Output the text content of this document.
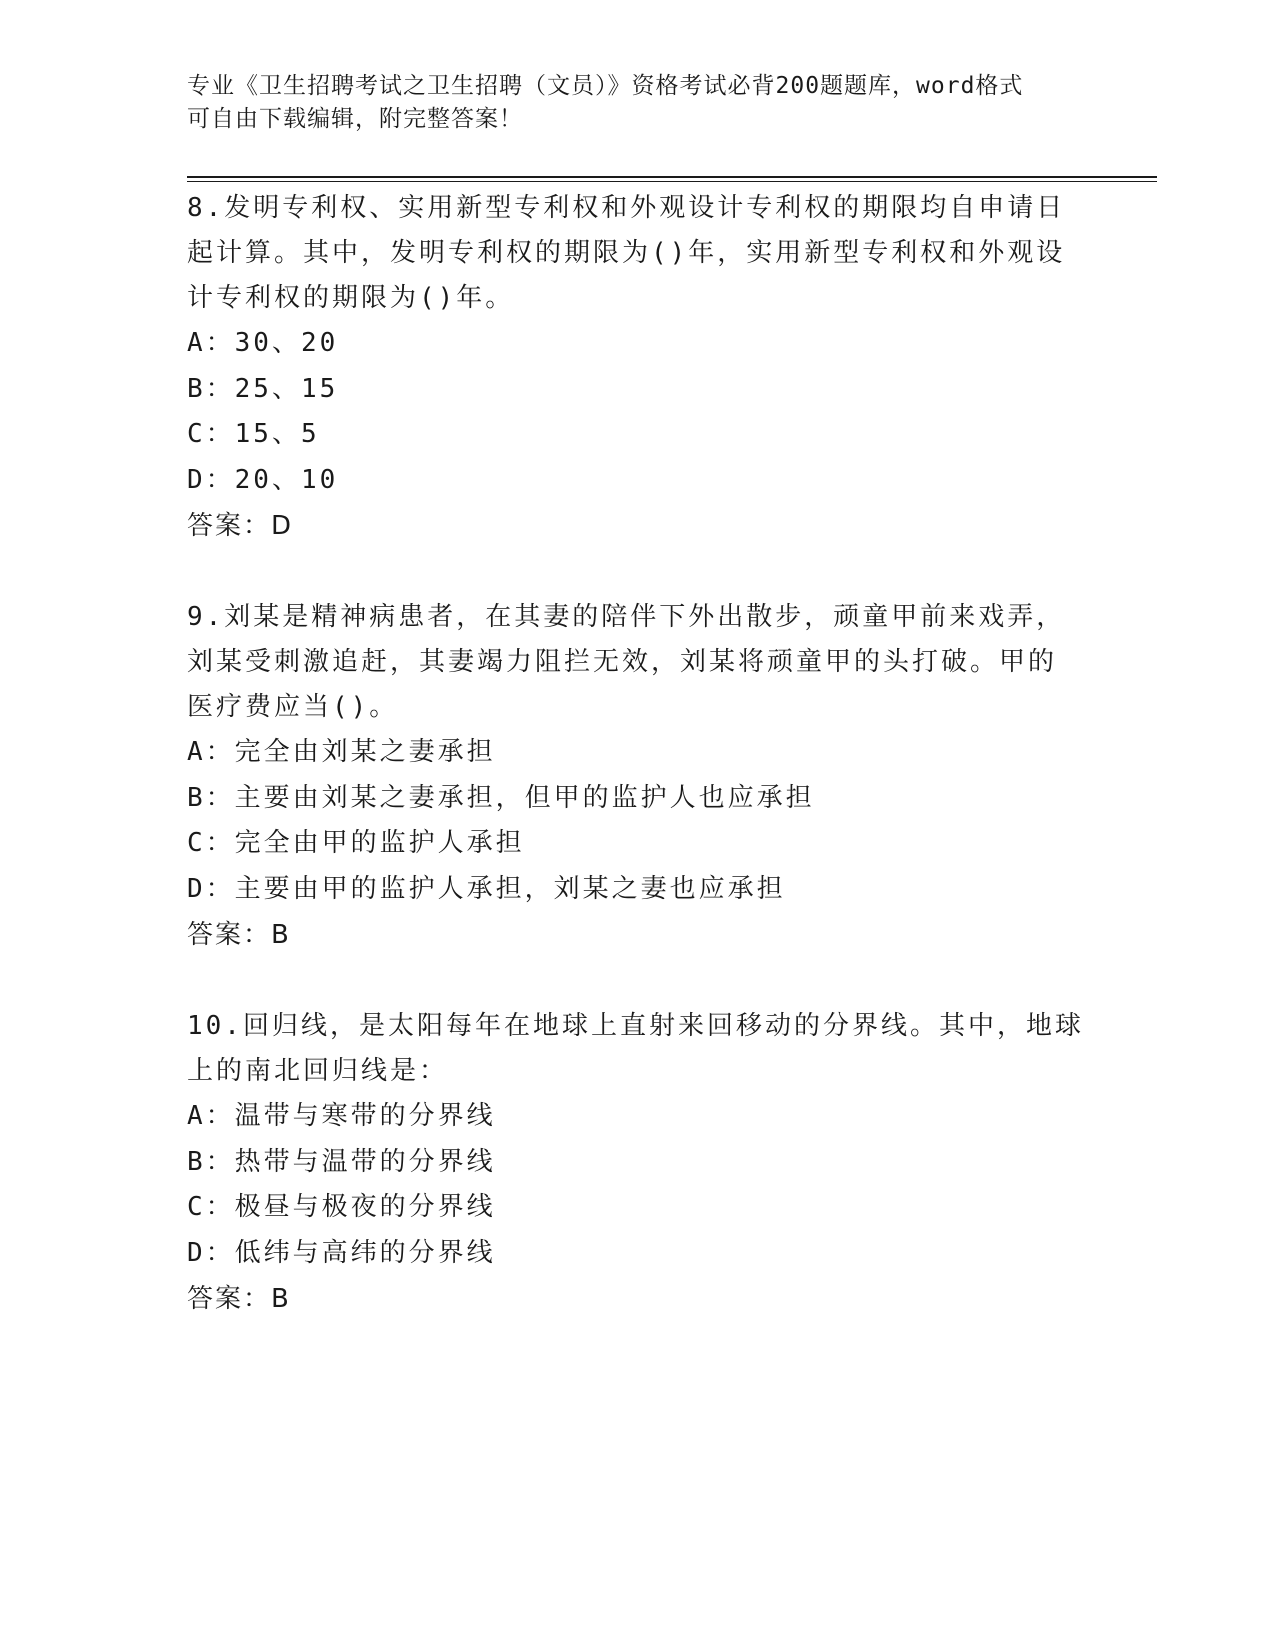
专业《卫生招聘考试之卫生招聘（文员）》资格考试必背200题题库，word格式
可自由下载编辑，附完整答案！

8.发明专利权、实用新型专利权和外观设计专利权的期限均自申请日

起计算。其中，发明专利权的期限为()年，实用新型专利权和外观设

计专利权的期限为()年。

A：30、20

B：25、15

C：15、5

D：20、10

答案：D

9.刘某是精神病患者，在其妻的陪伴下外出散步，顽童甲前来戏弄，

刘某受刺激追赶，其妻竭力阻拦无效，刘某将顽童甲的头打破。甲的

医疗费应当()。

A：完全由刘某之妻承担

B：主要由刘某之妻承担，但甲的监护人也应承担

C：完全由甲的监护人承担

D：主要由甲的监护人承担，刘某之妻也应承担

答案：B

10.回归线，是太阳每年在地球上直射来回移动的分界线。其中，地球

上的南北回归线是：

A：温带与寒带的分界线

B：热带与温带的分界线

C：极昼与极夜的分界线

D：低纬与高纬的分界线

答案：B
